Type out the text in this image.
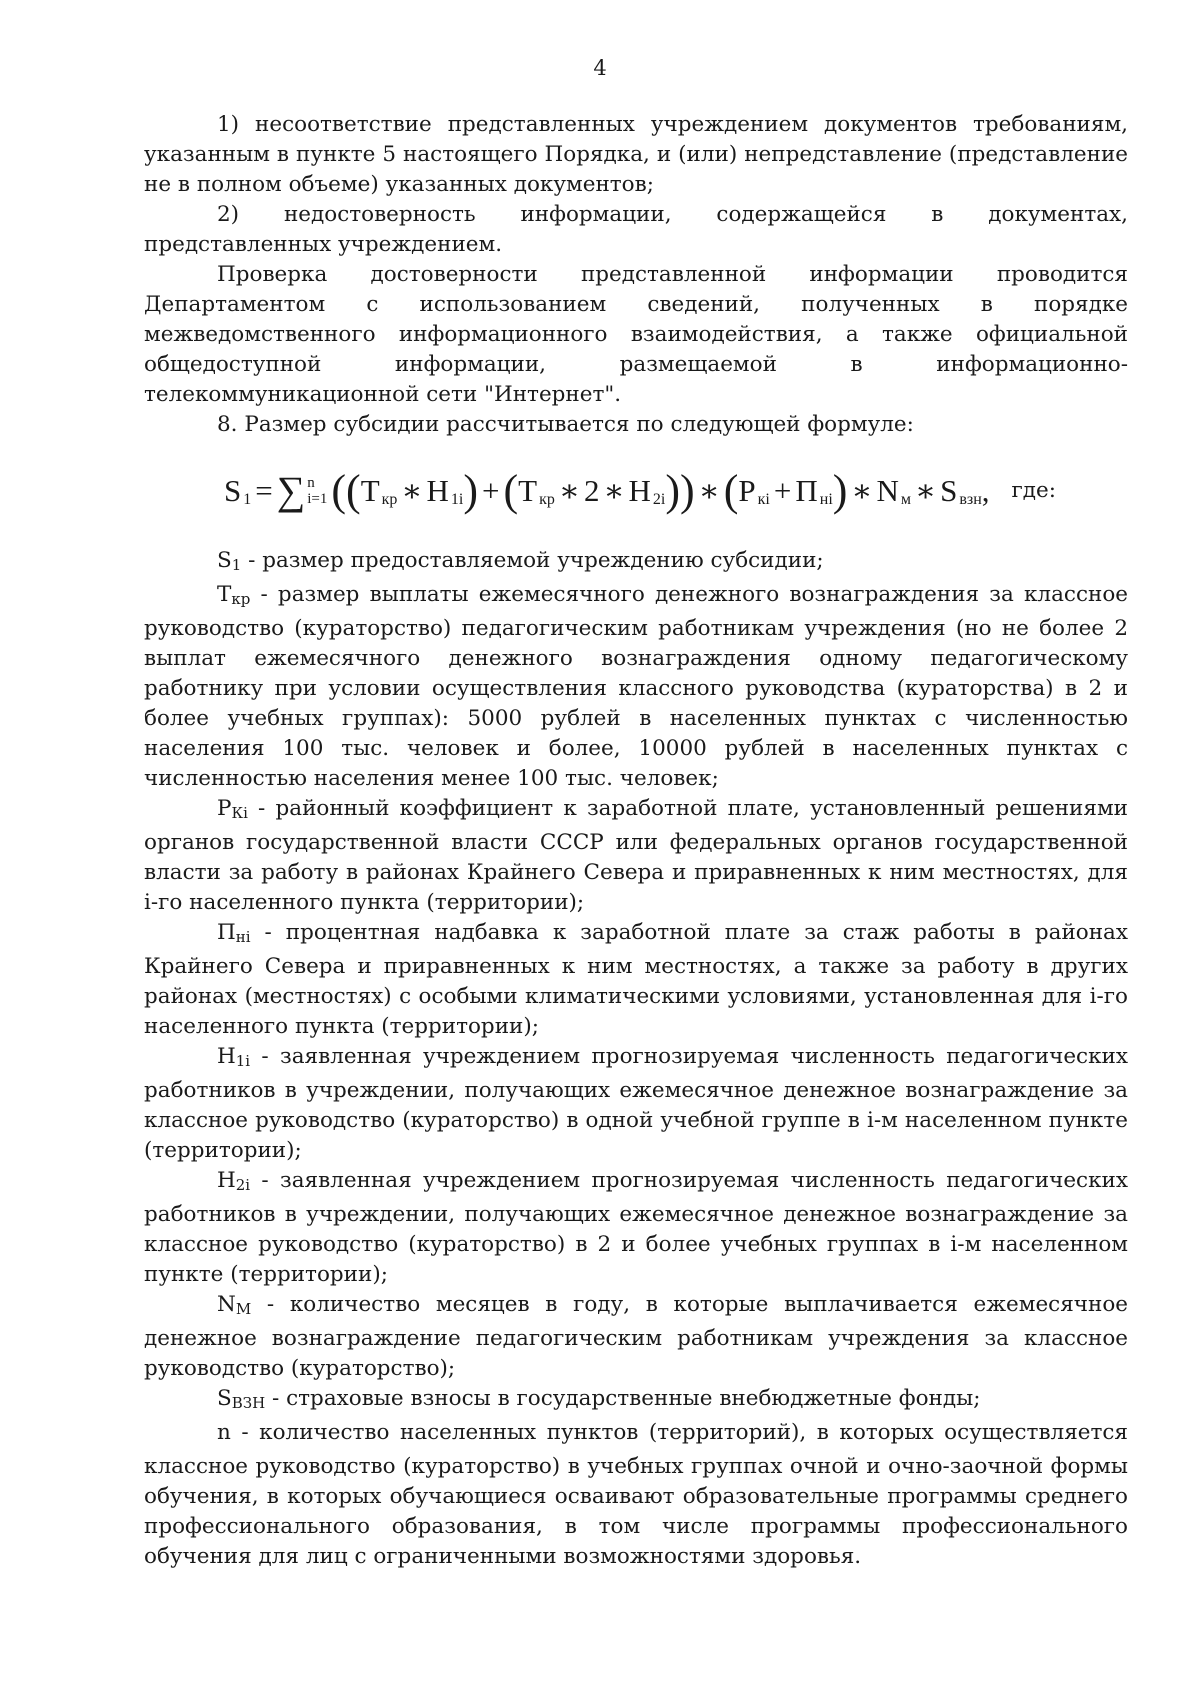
4

1) несоответствие представленных учреждением документов требованиям, указанным в пункте 5 настоящего Порядка, и (или) непредставление (представление не в полном объеме) указанных документов;

2) недостоверность информации, содержащейся в документах, представленных учреждением.

Проверка достоверности представленной информации проводится Департаментом с использованием сведений, полученных в порядке межведомственного информационного взаимодействия, а также официальной общедоступной информации, размещаемой в информационно-телекоммуникационной сети "Интернет".

8. Размер субсидии рассчитывается по следующей формуле:

S 1 = ∑ n
i=1 (( Т кр ∗ Н 1i ) + ( Т кр ∗ 2 ∗ Н 2i )) ∗ ( Р кi + П нi ) ∗ N м ∗ S взн , где:

S1 - размер предоставляемой учреждению субсидии;

Ткр - размер выплаты ежемесячного денежного вознаграждения за классное руководство (кураторство) педагогическим работникам учреждения (но не более 2 выплат ежемесячного денежного вознаграждения одному педагогическому работнику при условии осуществления классного руководства (кураторства) в 2 и более учебных группах): 5000 рублей в населенных пунктах с численностью населения 100 тыс. человек и более, 10000 рублей в населенных пунктах с численностью населения менее 100 тыс. человек;

РКi - районный коэффициент к заработной плате, установленный решениями органов государственной власти СССР или федеральных органов государственной власти за работу в районах Крайнего Севера и приравненных к ним местностях, для i-го населенного пункта (территории);

Пнi - процентная надбавка к заработной плате за стаж работы в районах Крайнего Севера и приравненных к ним местностях, а также за работу в других районах (местностях) с особыми климатическими условиями, установленная для i-го населенного пункта (территории);

Н1i - заявленная учреждением прогнозируемая численность педагогических работников в учреждении, получающих ежемесячное денежное вознаграждение за классное руководство (кураторство) в одной учебной группе в i-м населенном пункте (территории);

Н2i - заявленная учреждением прогнозируемая численность педагогических работников в учреждении, получающих ежемесячное денежное вознаграждение за классное руководство (кураторство) в 2 и более учебных группах в i-м населенном пункте (территории);

NM - количество месяцев в году, в которые выплачивается ежемесячное денежное вознаграждение педагогическим работникам учреждения за классное руководство (кураторство);

SВЗН - страховые взносы в государственные внебюджетные фонды;

n - количество населенных пунктов (территорий), в которых осуществляется классное руководство (кураторство) в учебных группах очной и очно-заочной формы обучения, в которых обучающиеся осваивают образовательные программы среднего профессионального образования, в том числе программы профессионального обучения для лиц с ограниченными возможностями здоровья.
